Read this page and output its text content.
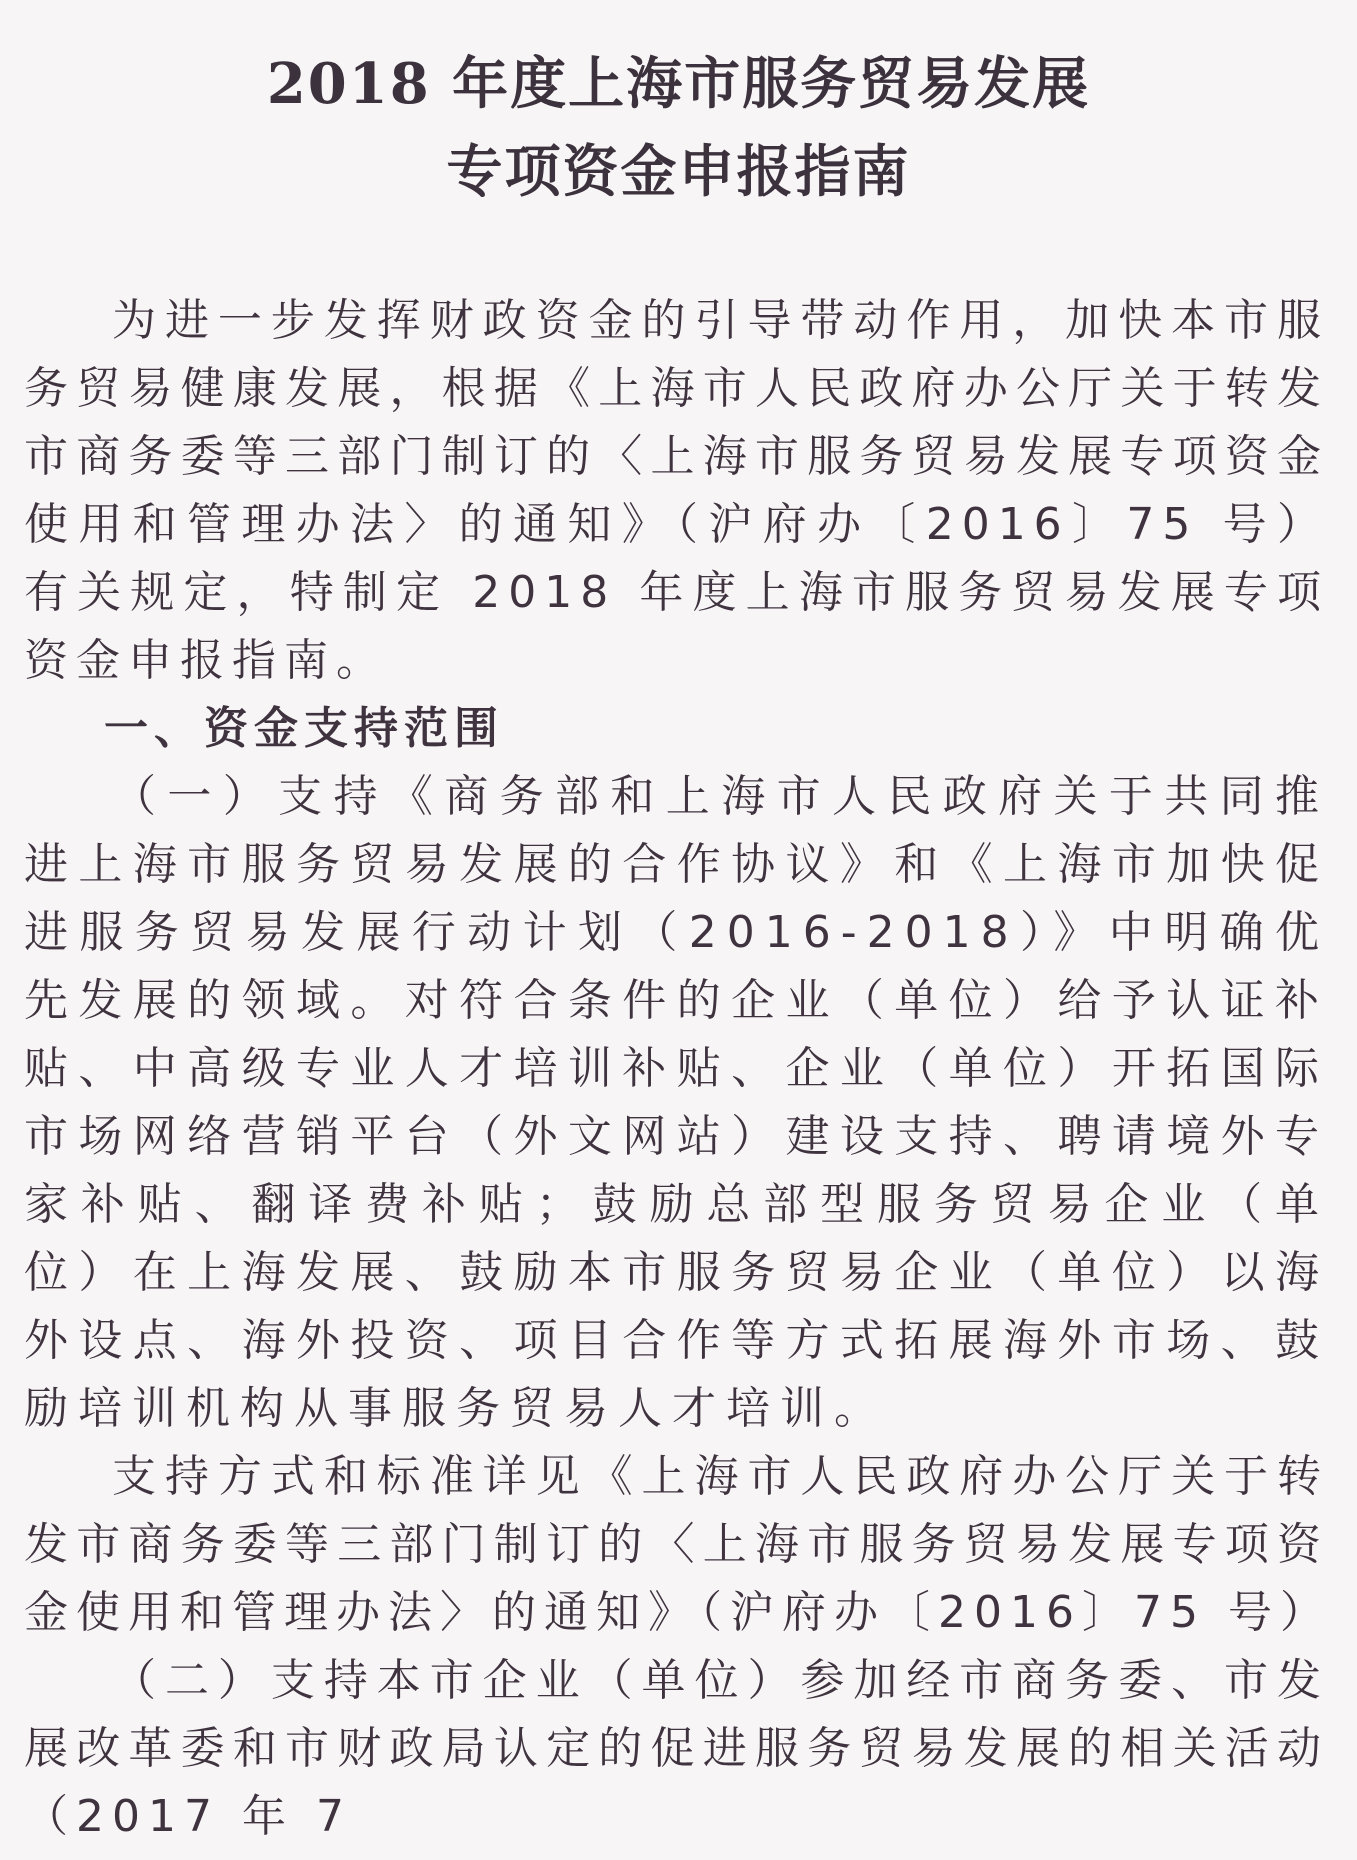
2018 年度上海市服务贸易发展
专项资金申报指南

为进一步发挥财政资金的引导带动作用，加快本市服务贸易健康发展，根据《上海市人民政府办公厅关于转发市商务委等三部门制订的〈上海市服务贸易发展专项资金使用和管理办法〉的通知》（沪府办〔2016〕75 号）有关规定，特制定 2018 年度上海市服务贸易发展专项资金申报指南。

一、资金支持范围

（一）支持《商务部和上海市人民政府关于共同推进上海市服务贸易发展的合作协议》和《上海市加快促进服务贸易发展行动计划（2016-2018）》中明确优先发展的领域。对符合条件的企业（单位）给予认证补贴、中高级专业人才培训补贴、企业（单位）开拓国际市场网络营销平台（外文网站）建设支持、聘请境外专家补贴、翻译费补贴；鼓励总部型服务贸易企业（单位）在上海发展、鼓励本市服务贸易企业（单位）以海外设点、海外投资、项目合作等方式拓展海外市场、鼓励培训机构从事服务贸易人才培训。

支持方式和标准详见《上海市人民政府办公厅关于转发市商务委等三部门制订的〈上海市服务贸易发展专项资金使用和管理办法〉的通知》（沪府办〔2016〕75 号）

（二）支持本市企业（单位）参加经市商务委、市发展改革委和市财政局认定的促进服务贸易发展的相关活动（2017 年 7
